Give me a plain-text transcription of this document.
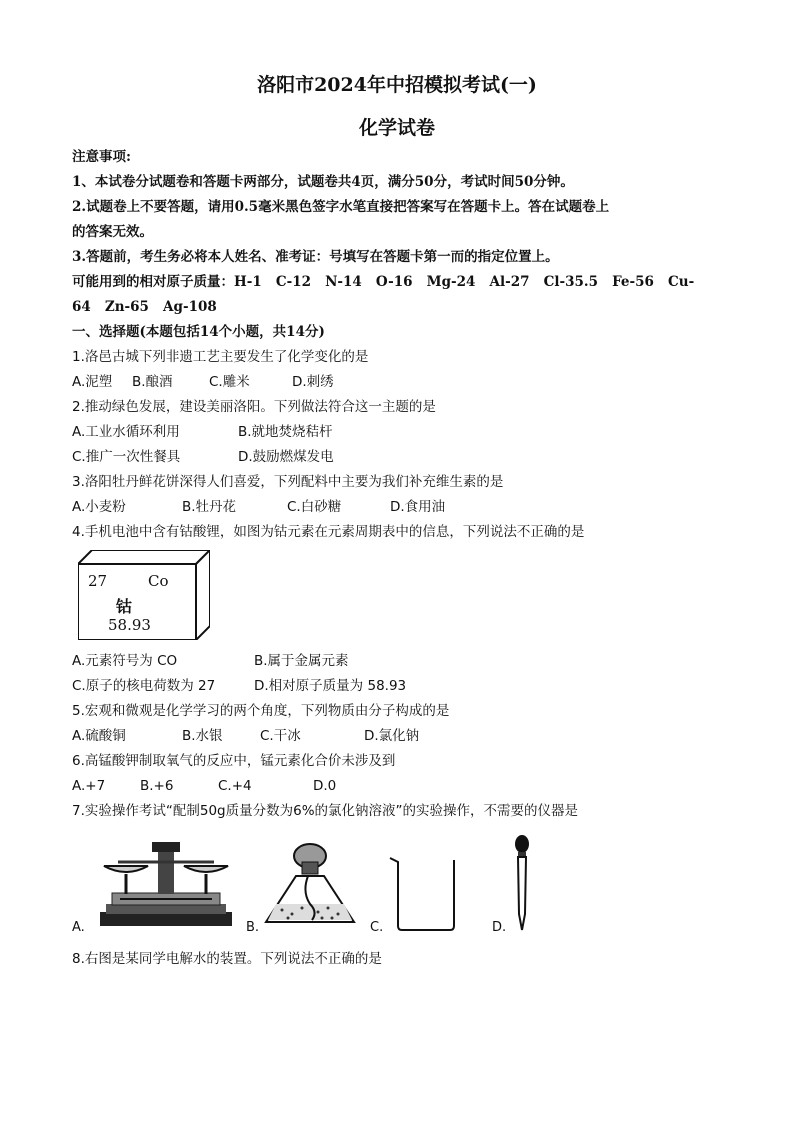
洛阳市2024年中招模拟考试(一)
化学试卷
注意事项:
1、本试卷分试题卷和答题卡两部分，试题卷共4页，满分50分，考试时间50分钟。
2.试题卷上不要答题，请用0.5毫米黑色签字水笔直接把答案写在答题卡上。答在试题卷上
的答案无效。
3.答题前，考生务必将本人姓名、准考证：号填写在答题卡第一而的指定位置上。
可能用到的相对原子质量：H-1   C-12   N-14   O-16   Mg-24   Al-27   Cl-35.5   Fe-56   Cu-
64   Zn-65   Ag-108
一、选择题(本题包括14个小题，共14分)
1.洛邑古城下列非遗工艺主要发生了化学变化的是
A.泥塑 B.酿酒	C.雕米	D.刺绣
2.推动绿色发展，建设美丽洛阳。下列做法符合这一主题的是
A.工业水循环利用	B.就地焚烧秸杆
C.推广一次性餐具	D.鼓励燃煤发电
3.洛阳牡丹鲜花饼深得人们喜爱，下列配料中主要为我们补充维生素的是
A.小麦粉	B.牡丹花	C.白砂糖	D.食用油
4.手机电池中含有钴酸锂，如图为钴元素在元素周期表中的信息，下列说法不正确的是
27	Co
钴
58.93
A.元素符号为 CO	B.属于金属元素
C.原子的核电荷数为 27	D.相对原子质量为 58.93
5.宏观和微观是化学学习的两个角度，下列物质由分子构成的是
A.硫酸铜	B.水银	C.干冰	D.氯化钠
6.高锰酸钾制取氧气的反应中，锰元素化合价未涉及到
A.+7	B.+6	C.+4	D.0
7.实验操作考试“配制50g质量分数为6%的氯化钠溶液”的实验操作，不需要的仪器是
A.	B.	C.	D.
8.右图是某同学电解水的装置。下列说法不正确的是
